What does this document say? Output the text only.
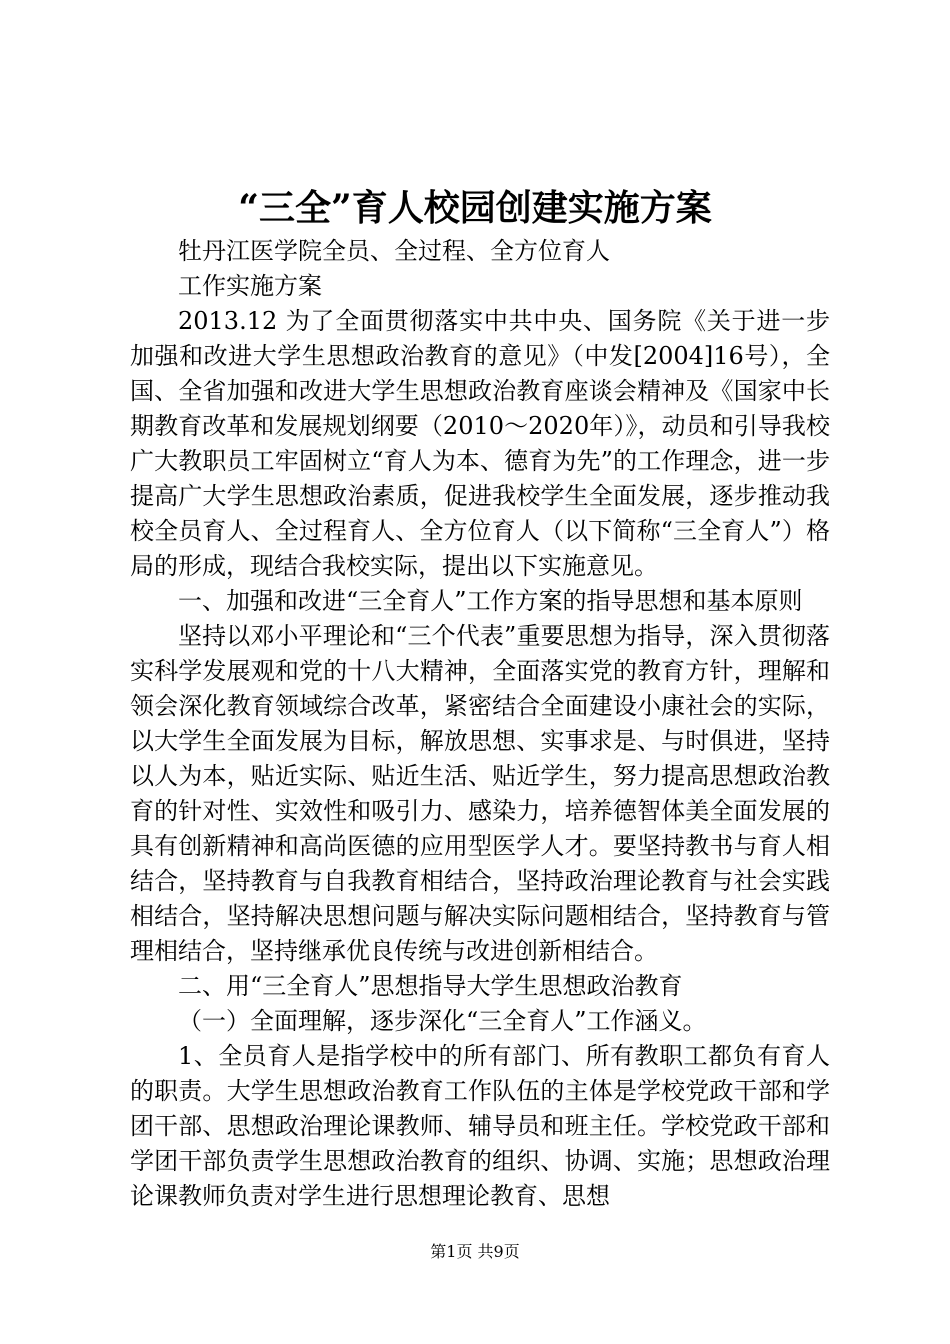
“三全”育人校园创建实施方案

牡丹江医学院全员、全过程、全方位育人

工作实施方案

2013.12 为了全面贯彻落实中共中央、国务院《关于进一步加强和改进大学生思想政治教育的意见》（中发[2004]16号），全国、全省加强和改进大学生思想政治教育座谈会精神及《国家中长期教育改革和发展规划纲要（2010～2020年）》，动员和引导我校广大教职员工牢固树立“育人为本、德育为先”的工作理念，进一步提高广大学生思想政治素质，促进我校学生全面发展，逐步推动我校全员育人、全过程育人、全方位育人（以下简称“三全育人”）格局的形成，现结合我校实际，提出以下实施意见。

一、加强和改进“三全育人”工作方案的指导思想和基本原则

坚持以邓小平理论和“三个代表”重要思想为指导，深入贯彻落实科学发展观和党的十八大精神，全面落实党的教育方针，理解和领会深化教育领域综合改革，紧密结合全面建设小康社会的实际，以大学生全面发展为目标，解放思想、实事求是、与时俱进，坚持以人为本，贴近实际、贴近生活、贴近学生，努力提高思想政治教育的针对性、实效性和吸引力、感染力，培养德智体美全面发展的具有创新精神和高尚医德的应用型医学人才。要坚持教书与育人相结合，坚持教育与自我教育相结合，坚持政治理论教育与社会实践相结合，坚持解决思想问题与解决实际问题相结合，坚持教育与管理相结合，坚持继承优良传统与改进创新相结合。

二、用“三全育人”思想指导大学生思想政治教育

（一）全面理解，逐步深化“三全育人”工作涵义。

1、全员育人是指学校中的所有部门、所有教职工都负有育人的职责。大学生思想政治教育工作队伍的主体是学校党政干部和学团干部、思想政治理论课教师、辅导员和班主任。学校党政干部和学团干部负责学生思想政治教育的组织、协调、实施；思想政治理论课教师负责对学生进行思想理论教育、思想

第1页 共9页
